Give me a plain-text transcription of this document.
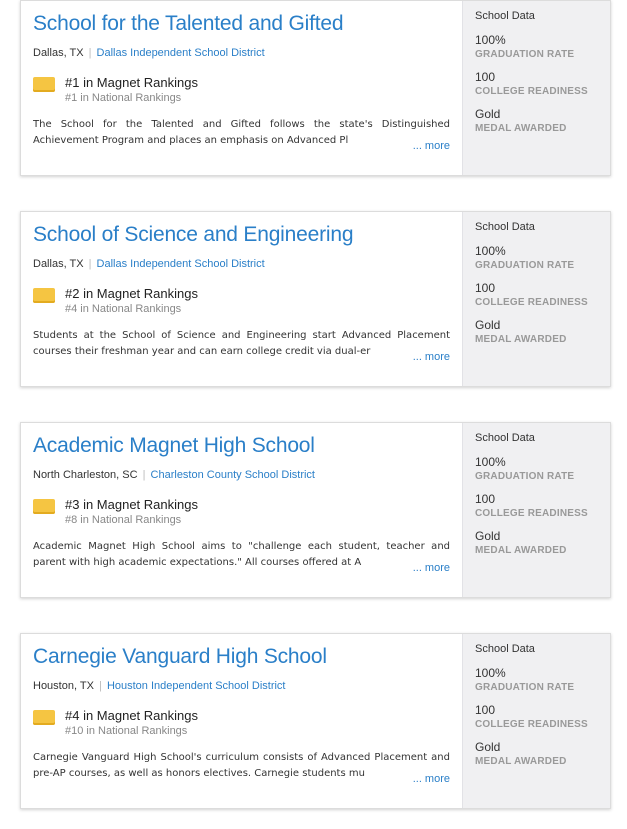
School for the Talented and Gifted
Dallas, TX | Dallas Independent School District
#1 in Magnet Rankings
#1 in National Rankings
The School for the Talented and Gifted follows the state's Distinguished Achievement Program and places an emphasis on Advanced Pl	... more
School Data
100%
GRADUATION RATE
100
COLLEGE READINESS
Gold
MEDAL AWARDED
School of Science and Engineering
Dallas, TX | Dallas Independent School District
#2 in Magnet Rankings
#4 in National Rankings
Students at the School of Science and Engineering start Advanced Placement courses their freshman year and can earn college credit via dual-er	... more
School Data
100%
GRADUATION RATE
100
COLLEGE READINESS
Gold
MEDAL AWARDED
Academic Magnet High School
North Charleston, SC | Charleston County School District
#3 in Magnet Rankings
#8 in National Rankings
Academic Magnet High School aims to "challenge each student, teacher and parent with high academic expectations." All courses offered at A	... more
School Data
100%
GRADUATION RATE
100
COLLEGE READINESS
Gold
MEDAL AWARDED
Carnegie Vanguard High School
Houston, TX | Houston Independent School District
#4 in Magnet Rankings
#10 in National Rankings
Carnegie Vanguard High School's curriculum consists of Advanced Placement and pre-AP courses, as well as honors electives. Carnegie students mu	... more
School Data
100%
GRADUATION RATE
100
COLLEGE READINESS
Gold
MEDAL AWARDED
